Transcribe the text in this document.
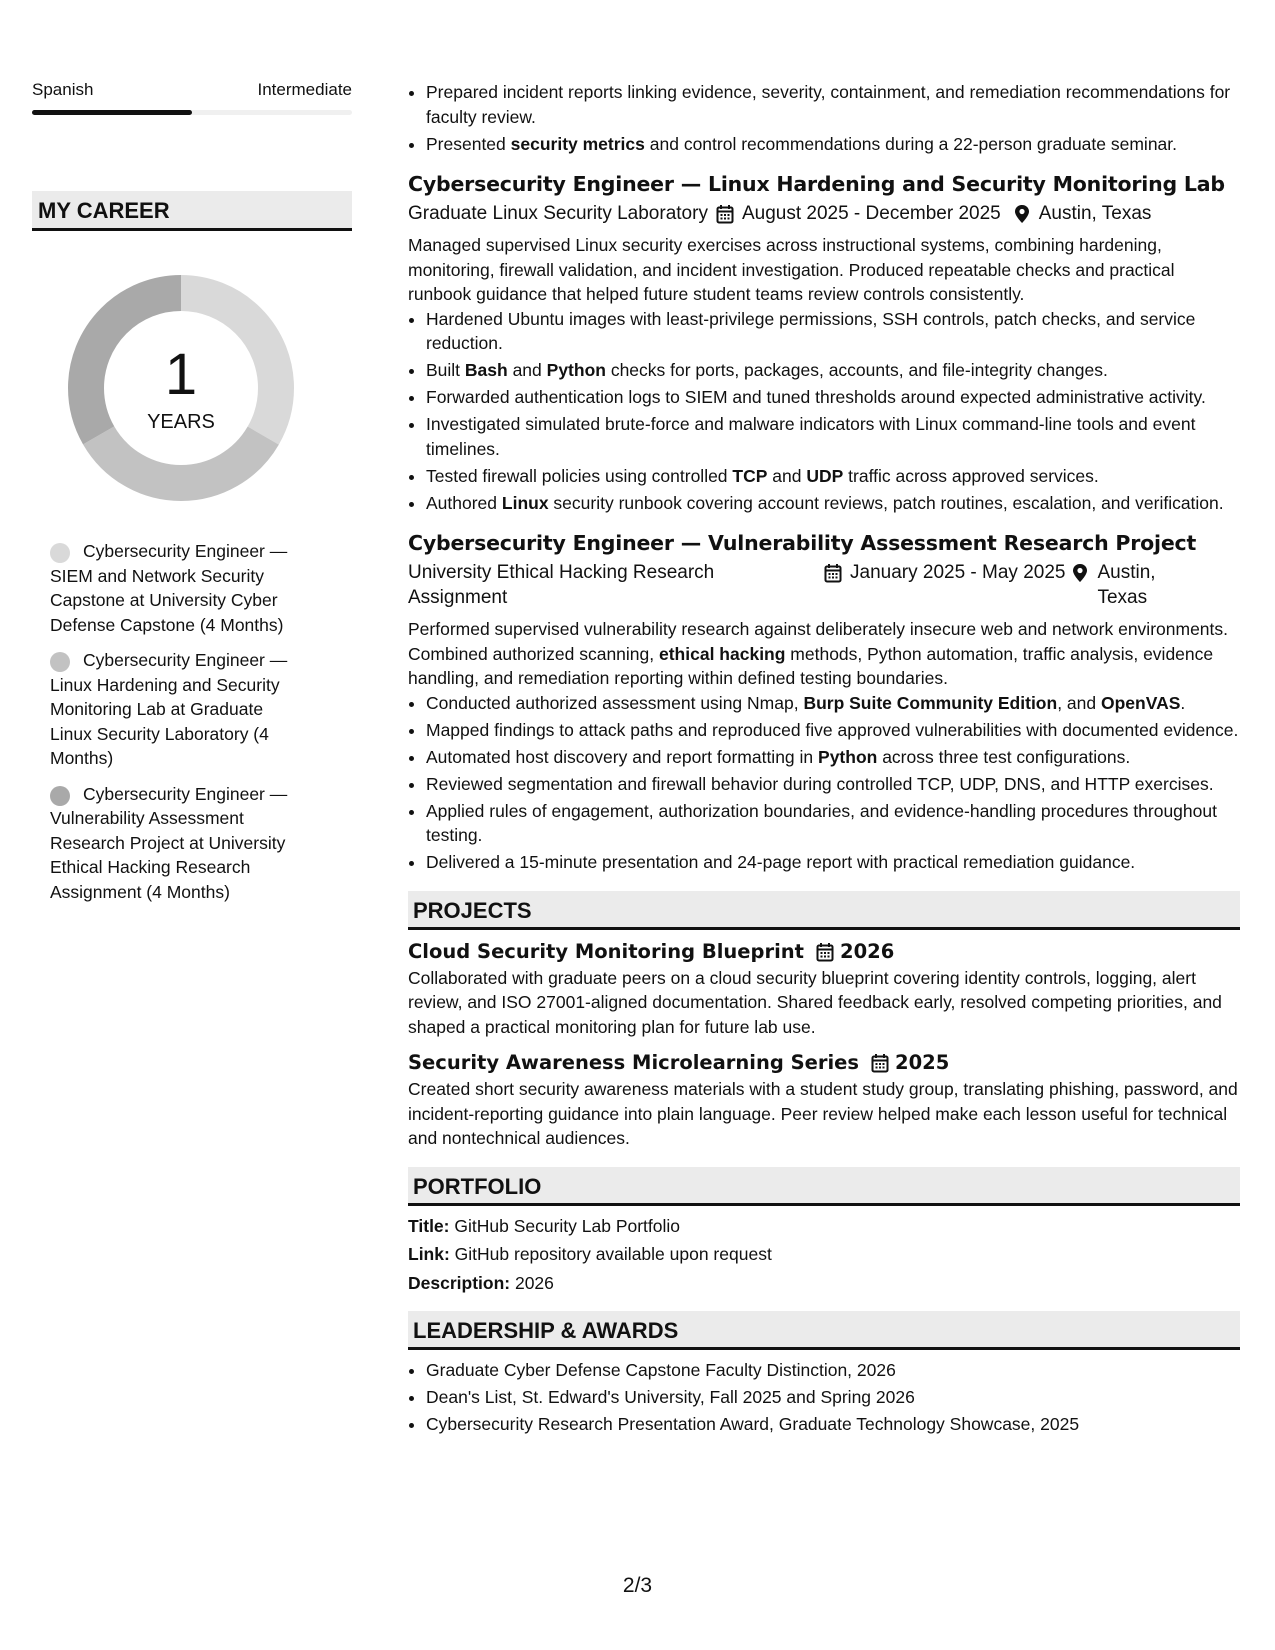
Spanish	Intermediate
MY CAREER
1
YEARS
Cybersecurity Engineer — SIEM and Network Security Capstone at University Cyber Defense Capstone (4 Months)
Cybersecurity Engineer — Linux Hardening and Security Monitoring Lab at Graduate Linux Security Laboratory (4 Months)
Cybersecurity Engineer — Vulnerability Assessment Research Project at University Ethical Hacking Research Assignment (4 Months)
• Prepared incident reports linking evidence, severity, containment, and remediation recommendations for faculty review.
• Presented security metrics and control recommendations during a 22-person graduate seminar.
Cybersecurity Engineer — Linux Hardening and Security Monitoring Lab
Graduate Linux Security Laboratory August 2025 - December 2025 Austin, Texas
Managed supervised Linux security exercises across instructional systems, combining hardening, monitoring, firewall validation, and incident investigation. Produced repeatable checks and practical runbook guidance that helped future student teams review controls consistently.
• Hardened Ubuntu images with least-privilege permissions, SSH controls, patch checks, and service reduction.
• Built Bash and Python checks for ports, packages, accounts, and file-integrity changes.
• Forwarded authentication logs to SIEM and tuned thresholds around expected administrative activity.
• Investigated simulated brute-force and malware indicators with Linux command-line tools and event timelines.
• Tested firewall policies using controlled TCP and UDP traffic across approved services.
• Authored Linux security runbook covering account reviews, patch routines, escalation, and verification.
Cybersecurity Engineer — Vulnerability Assessment Research Project
University Ethical Hacking Research Assignment
January 2025 - May 2025 Austin, Texas
Performed supervised vulnerability research against deliberately insecure web and network environments. Combined authorized scanning, ethical hacking methods, Python automation, traffic analysis, evidence handling, and remediation reporting within defined testing boundaries.
• Conducted authorized assessment using Nmap, Burp Suite Community Edition, and OpenVAS.
• Mapped findings to attack paths and reproduced five approved vulnerabilities with documented evidence.
• Automated host discovery and report formatting in Python across three test configurations.
• Reviewed segmentation and firewall behavior during controlled TCP, UDP, DNS, and HTTP exercises.
• Applied rules of engagement, authorization boundaries, and evidence-handling procedures throughout testing.
• Delivered a 15-minute presentation and 24-page report with practical remediation guidance.
PROJECTS
Cloud Security Monitoring Blueprint 2026
Collaborated with graduate peers on a cloud security blueprint covering identity controls, logging, alert review, and ISO 27001-aligned documentation. Shared feedback early, resolved competing priorities, and shaped a practical monitoring plan for future lab use.
Security Awareness Microlearning Series 2025
Created short security awareness materials with a student study group, translating phishing, password, and incident-reporting guidance into plain language. Peer review helped make each lesson useful for technical and nontechnical audiences.
PORTFOLIO
Title: GitHub Security Lab Portfolio
Link: GitHub repository available upon request
Description: 2026
LEADERSHIP & AWARDS
• Graduate Cyber Defense Capstone Faculty Distinction, 2026
• Dean's List, St. Edward's University, Fall 2025 and Spring 2026
• Cybersecurity Research Presentation Award, Graduate Technology Showcase, 2025
2/3
